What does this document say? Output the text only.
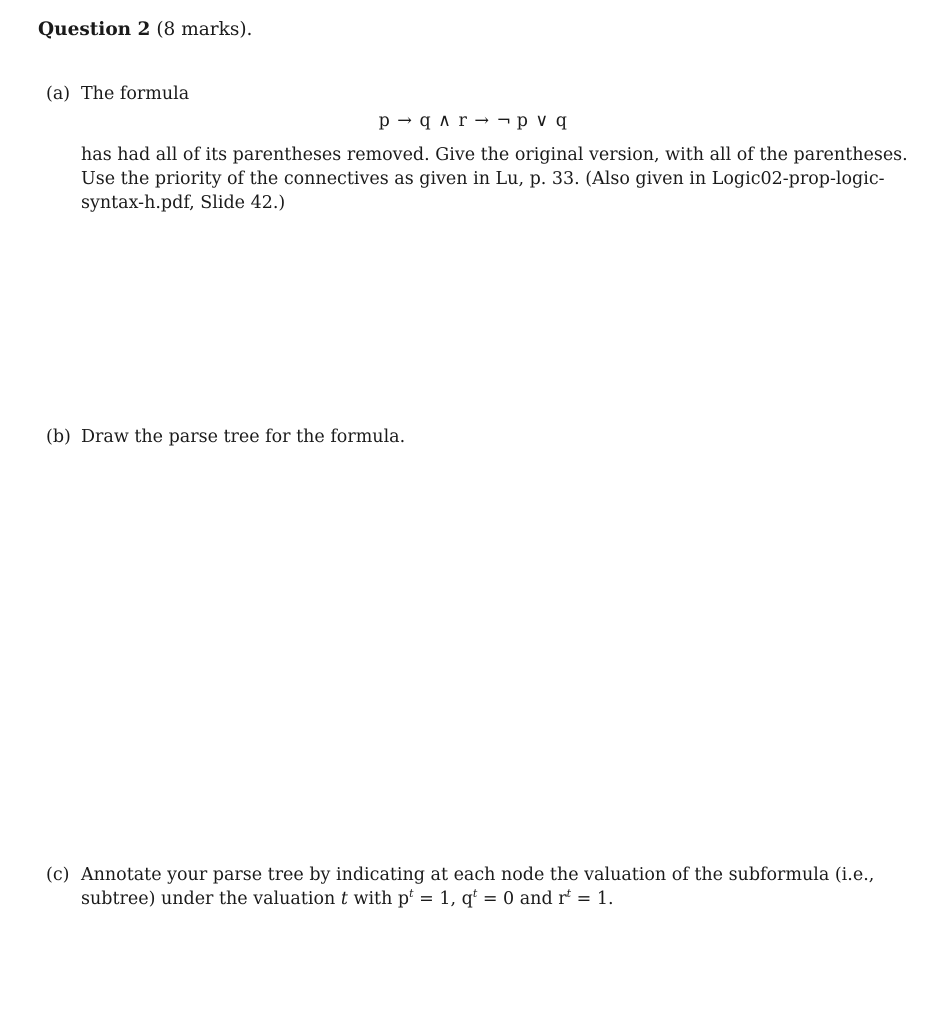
Question 2 (8 marks).
(a) The formula
p → q ∧ r → ¬ p ∨ q
has had all of its parentheses removed. Give the original version, with all of the parentheses.
Use the priority of the connectives as given in Lu, p. 33. (Also given in Logic02-prop-logic-
syntax-h.pdf, Slide 42.)
(b) Draw the parse tree for the formula.
(c) Annotate your parse tree by indicating at each node the valuation of the subformula (i.e.,
subtree) under the valuation t with $p^t = 1$, $q^t = 0$ and $r^t = 1$.
